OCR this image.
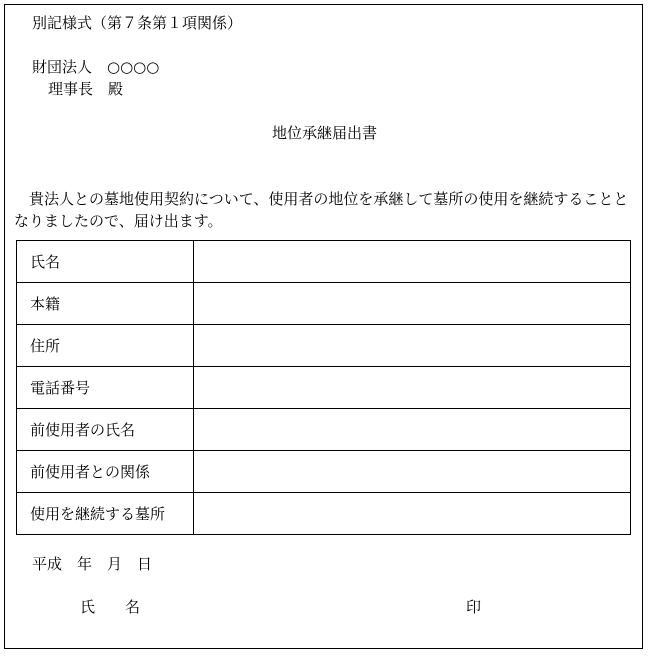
別記様式（第７条第１項関係）
財団法人　○○○○
理事長　殿
地位承継届出書
貴法人との墓地使用契約について、使用者の地位を承継して墓所の使用を継続することとなりましたので、届け出ます。
氏名	
本籍	
住所	
電話番号	
前使用者の氏名	
前使用者との関係	
使用を継続する墓所	
平成　年　月　日
氏　　名	印
